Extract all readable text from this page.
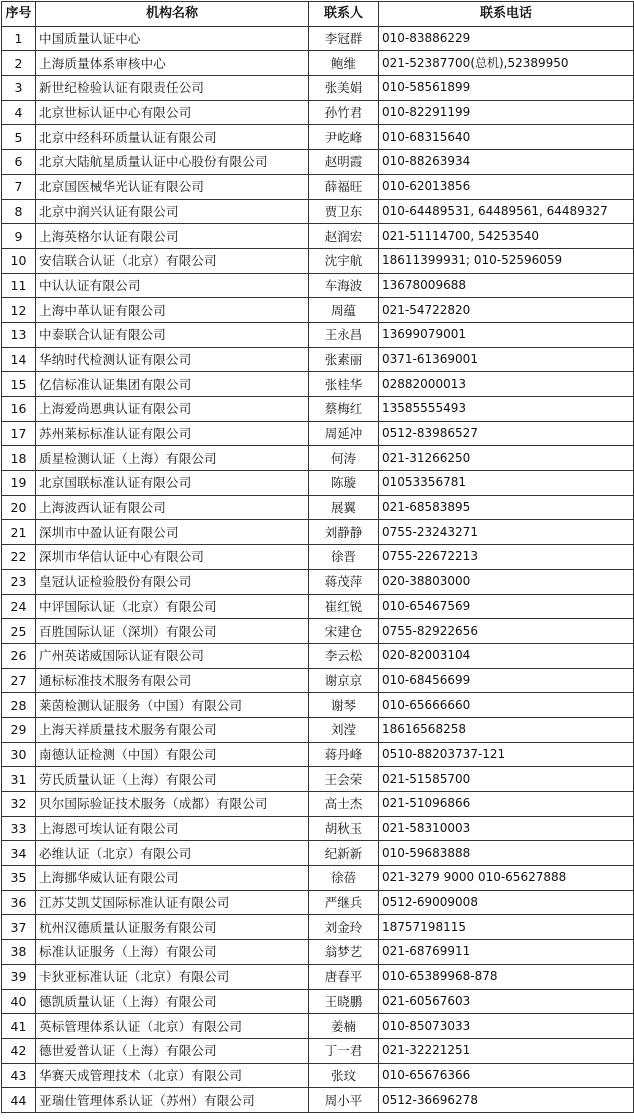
序号	机构名称	联系人	联系电话
1	中国质量认证中心	李冠群	010-83886229
2	上海质量体系审核中心	鲍维	021-52387700(总机),52389950
3	新世纪检验认证有限责任公司	张美娟	010-58561899
4	北京世标认证中心有限公司	孙竹君	010-82291199
5	北京中经科环质量认证有限公司	尹屹峰	010-68315640
6	北京大陆航星质量认证中心股份有限公司	赵明霞	010-88263934
7	北京国医械华光认证有限公司	薛福旺	010-62013856
8	北京中润兴认证有限公司	贾卫东	010-64489531, 64489561, 64489327
9	上海英格尔认证有限公司	赵润宏	021-51114700, 54253540
10	安信联合认证（北京）有限公司	沈宇航	18611399931; 010-52596059
11	中认认证有限公司	车海波	13678009688
12	上海中革认证有限公司	周蕴	021-54722820
13	中泰联合认证有限公司	王永昌	13699079001
14	华纳时代检测认证有限公司	张素丽	0371-61369001
15	亿信标准认证集团有限公司	张桂华	02882000013
16	上海爱尚恩典认证有限公司	蔡梅红	13585555493
17	苏州莱标标准认证有限公司	周延冲	0512-83986527
18	质星检测认证（上海）有限公司	何涛	021-31266250
19	北京国联标准认证有限公司	陈璇	01053356781
20	上海波西认证有限公司	展翼	021-68583895
21	深圳市中盈认证有限公司	刘静静	0755-23243271
22	深圳市华信认证中心有限公司	徐晋	0755-22672213
23	皇冠认证检验股份有限公司	蒋茂萍	020-38803000
24	中评国际认证（北京）有限公司	崔红锐	010-65467569
25	百胜国际认证（深圳）有限公司	宋建仓	0755-82922656
26	广州英诺威国际认证有限公司	李云松	020-82003104
27	通标标准技术服务有限公司	谢京京	010-68456699
28	莱茵检测认证服务（中国）有限公司	谢琴	010-65666660
29	上海天祥质量技术服务有限公司	刘滢	18616568258
30	南德认证检测（中国）有限公司	蒋丹峰	0510-88203737-121
31	劳氏质量认证（上海）有限公司	王会荣	021-51585700
32	贝尔国际验证技术服务（成都）有限公司	高士杰	021-51096866
33	上海恩可埃认证有限公司	胡秋玉	021-58310003
34	必维认证（北京）有限公司	纪新新	010-59683888
35	上海挪华威认证有限公司	徐蓓	021-3279 9000 010-65627888
36	江苏艾凯艾国际标准认证有限公司	严继兵	0512-69009008
37	杭州汉德质量认证服务有限公司	刘金玲	18757198115
38	标准认证服务（上海）有限公司	翁梦艺	021-68769911
39	卡狄亚标准认证（北京）有限公司	唐春平	010-65389968-878
40	德凯质量认证（上海）有限公司	王晓鹏	021-60567603
41	英标管理体系认证（北京）有限公司	姜楠	010-85073033
42	德世爱普认证（上海）有限公司	丁一君	021-32221251
43	华赛天成管理技术（北京）有限公司	张玟	010-65676366
44	亚瑞仕管理体系认证（苏州）有限公司	周小平	0512-36696278
